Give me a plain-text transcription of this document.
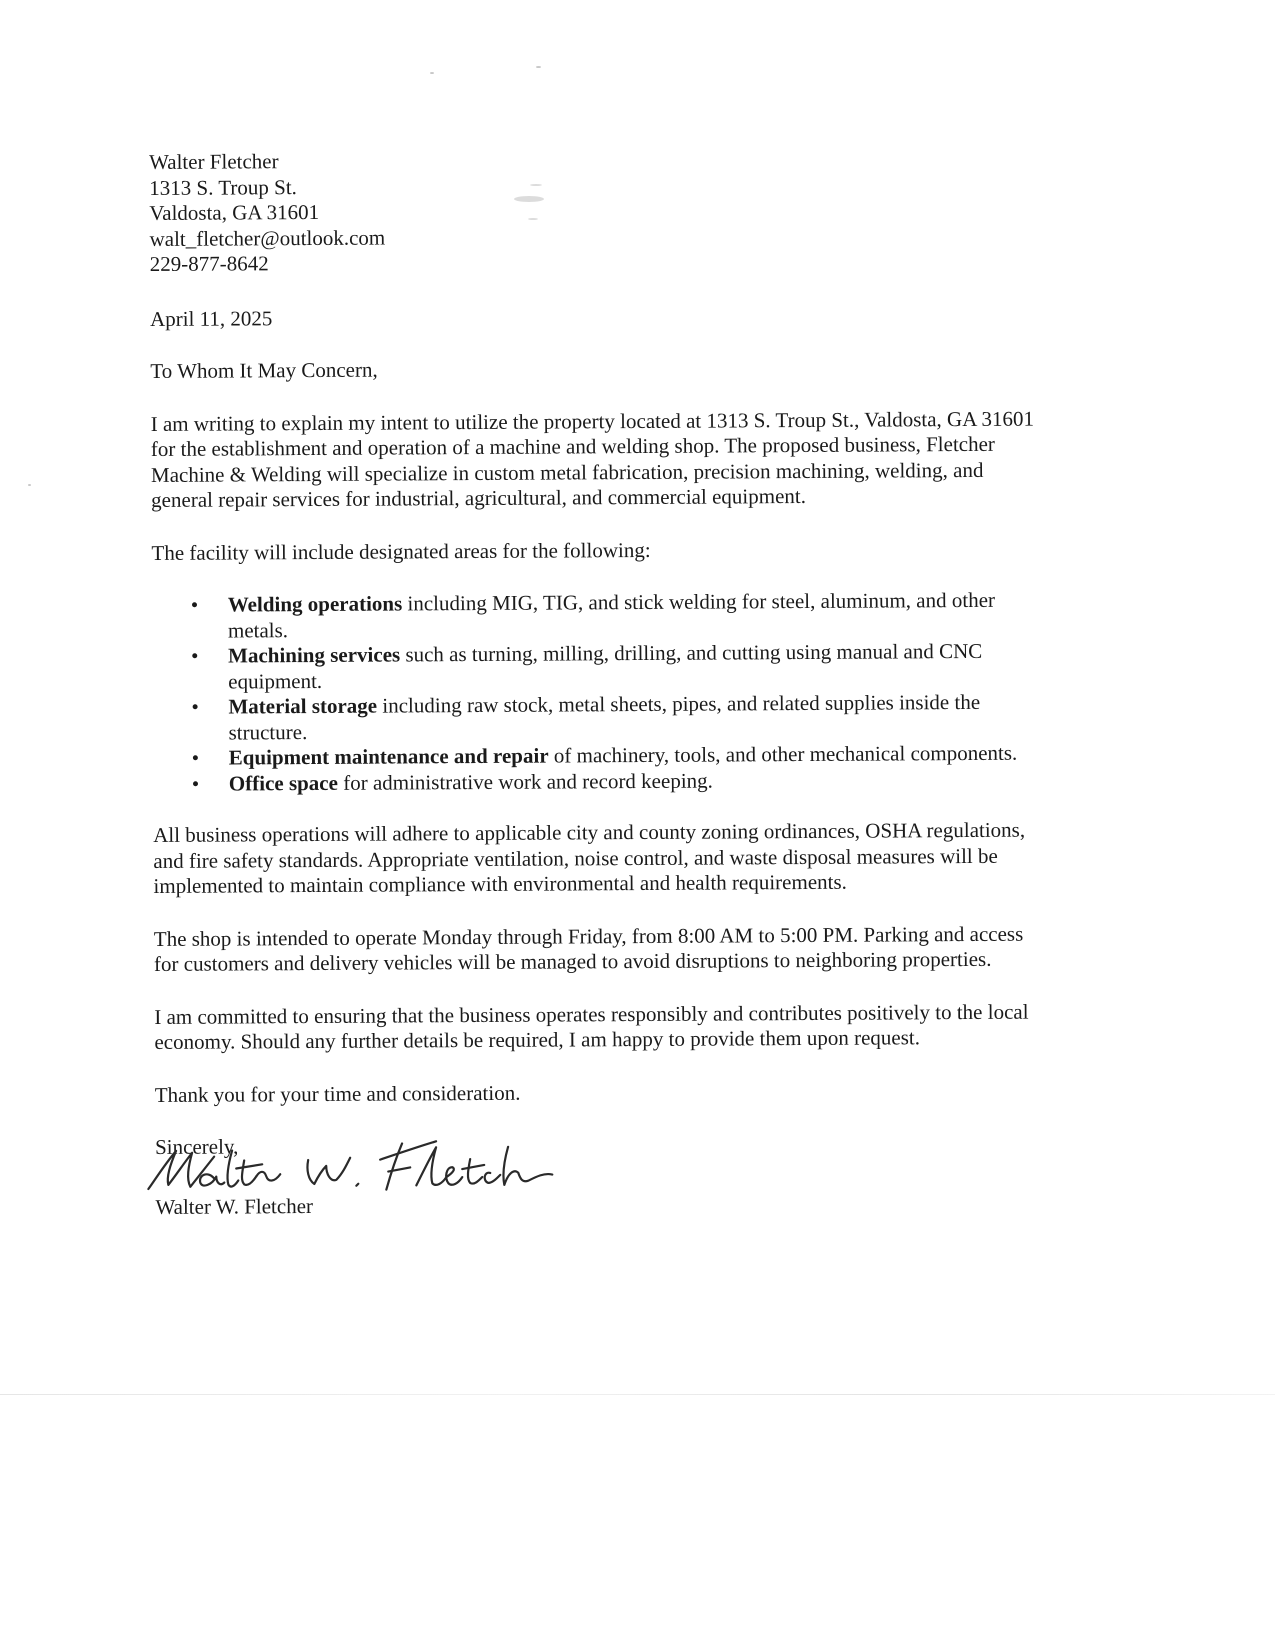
Walter Fletcher
1313 S. Troup St.
Valdosta, GA 31601
walt_fletcher@outlook.com
229-877-8642
April 11, 2025
To Whom It May Concern,
I am writing to explain my intent to utilize the property located at 1313 S. Troup St., Valdosta, GA 31601
for the establishment and operation of a machine and welding shop. The proposed business, Fletcher
Machine & Welding will specialize in custom metal fabrication, precision machining, welding, and
general repair services for industrial, agricultural, and commercial equipment.
The facility will include designated areas for the following:
• Welding operations including MIG, TIG, and stick welding for steel, aluminum, and other
metals.
• Machining services such as turning, milling, drilling, and cutting using manual and CNC
equipment.
• Material storage including raw stock, metal sheets, pipes, and related supplies inside the
structure.
• Equipment maintenance and repair of machinery, tools, and other mechanical components.
• Office space for administrative work and record keeping.
All business operations will adhere to applicable city and county zoning ordinances, OSHA regulations,
and fire safety standards. Appropriate ventilation, noise control, and waste disposal measures will be
implemented to maintain compliance with environmental and health requirements.
The shop is intended to operate Monday through Friday, from 8:00 AM to 5:00 PM. Parking and access
for customers and delivery vehicles will be managed to avoid disruptions to neighboring properties.
I am committed to ensuring that the business operates responsibly and contributes positively to the local
economy. Should any further details be required, I am happy to provide them upon request.
Thank you for your time and consideration.
Sincerely,
Walter W. Fletcher
